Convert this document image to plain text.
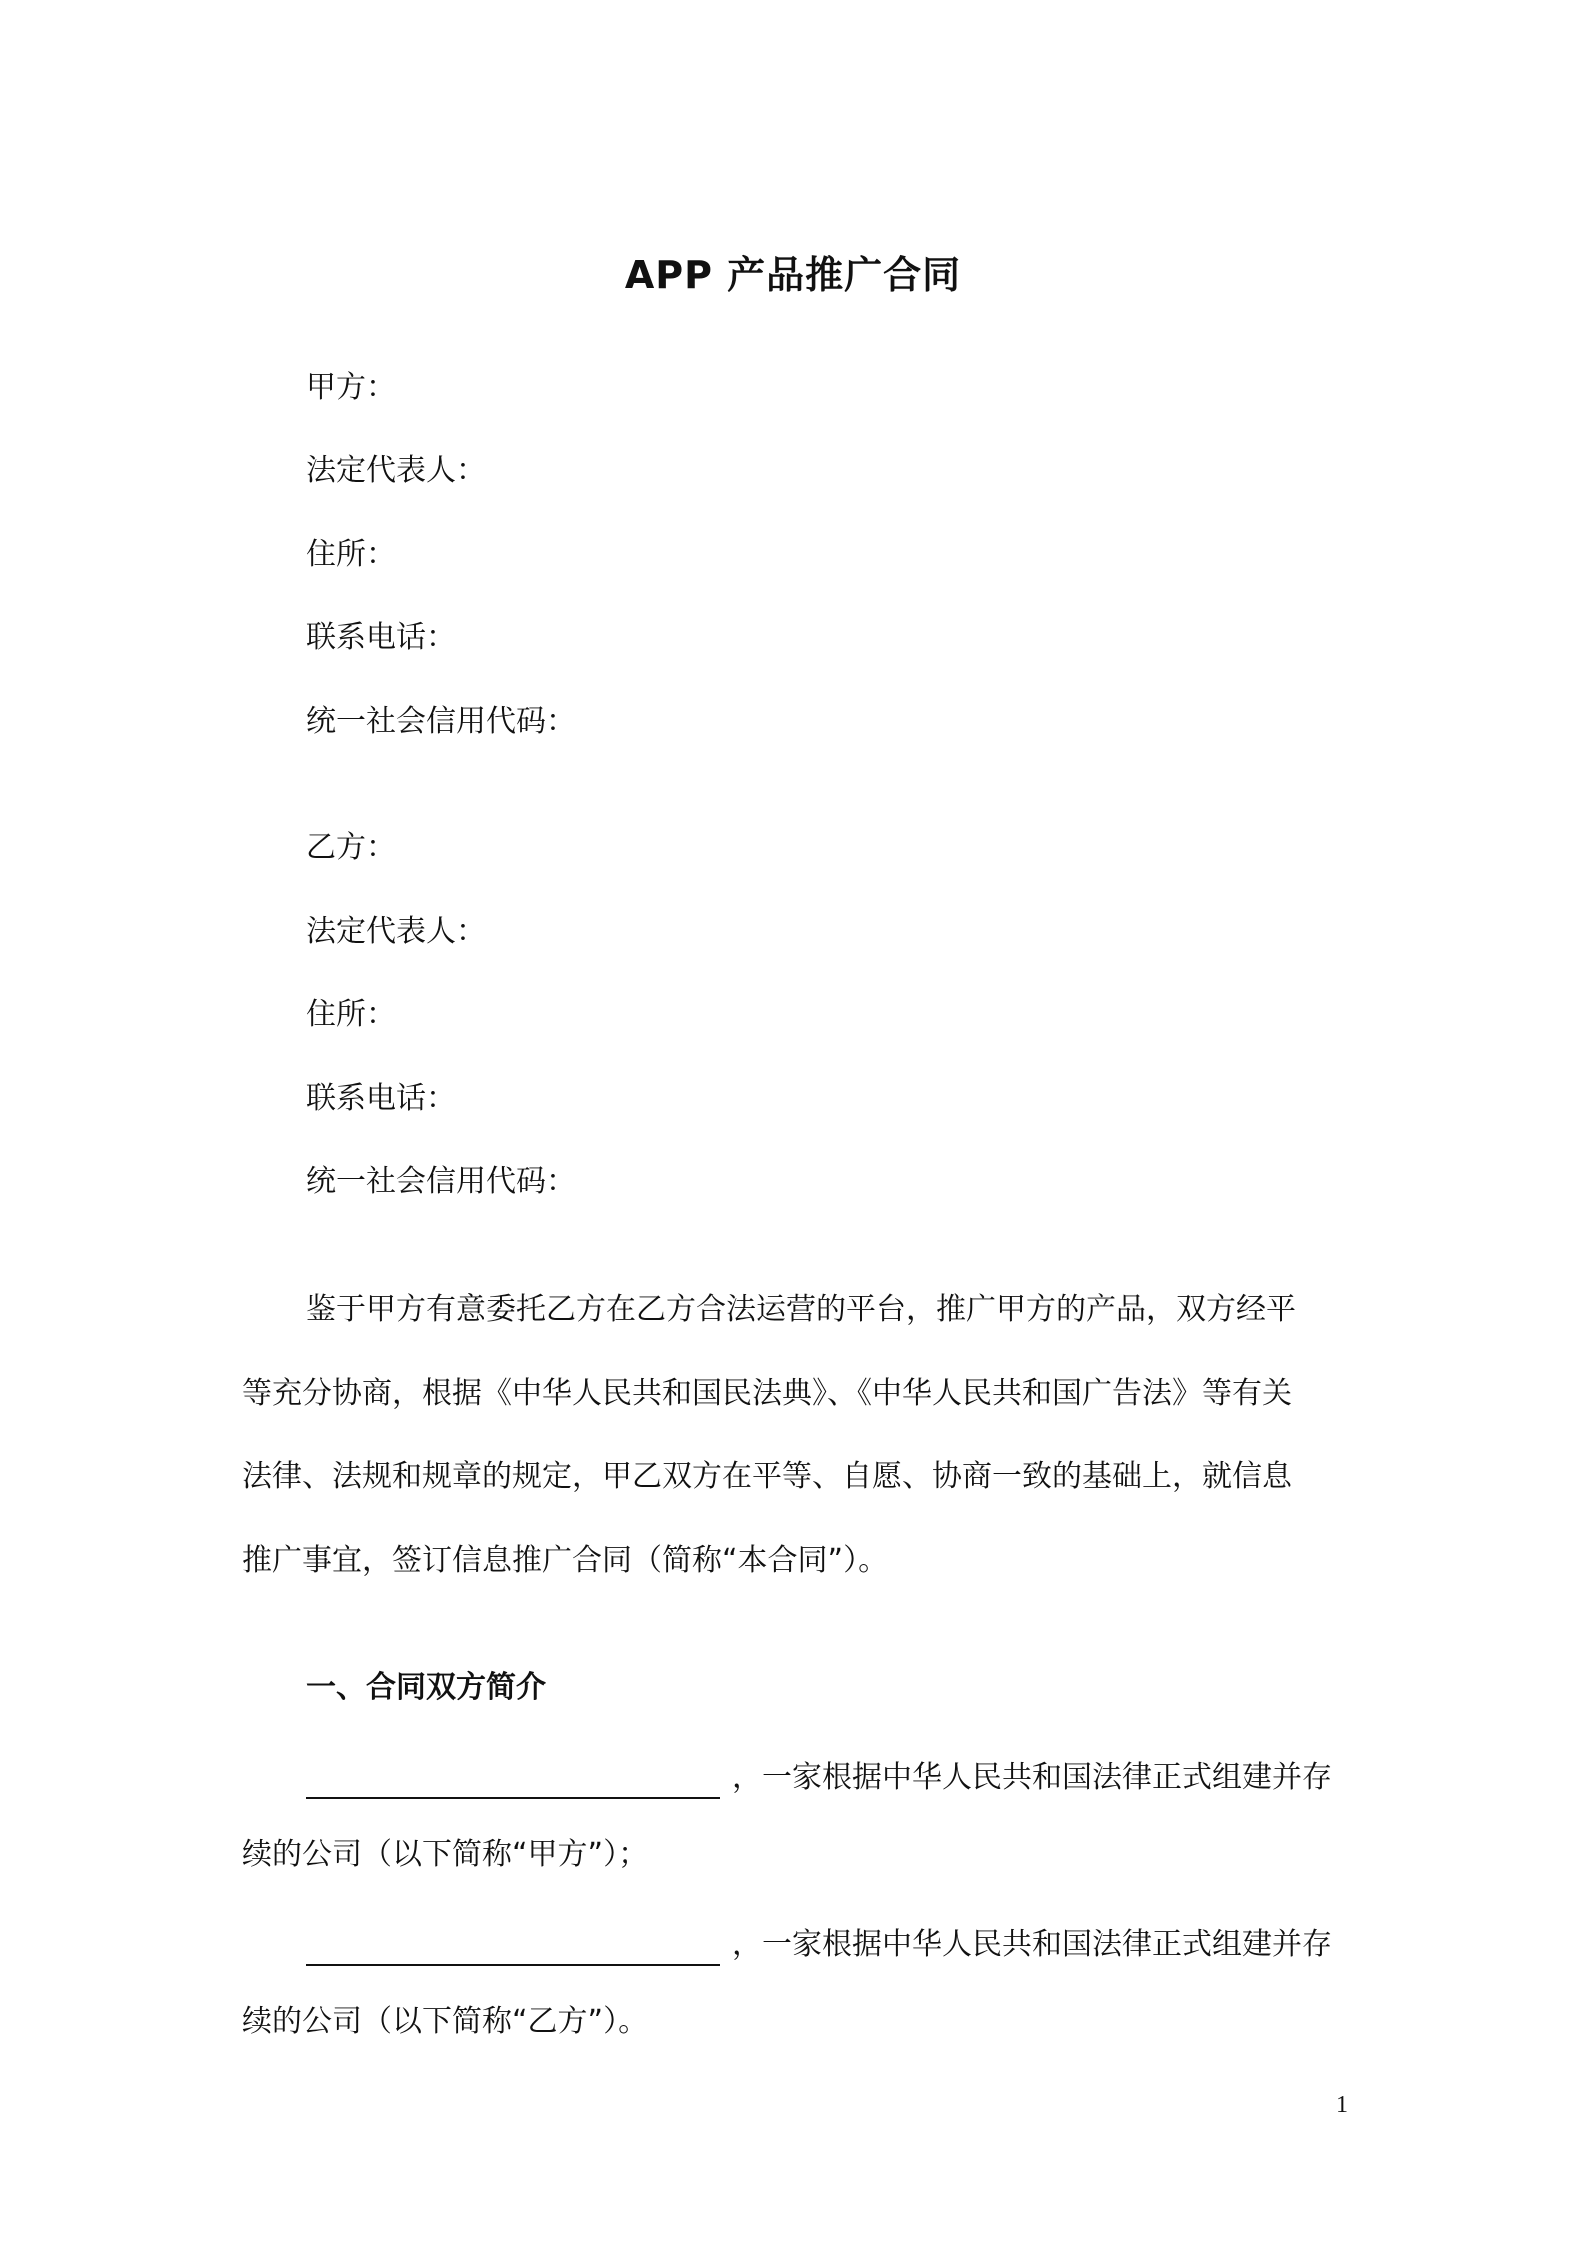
APP 产品推广合同
甲方：
法定代表人：
住所：
联系电话：
统一社会信用代码：
乙方：
法定代表人：
住所：
联系电话：
统一社会信用代码：
鉴于甲方有意委托乙方在乙方合法运营的平台，推广甲方的产品，双方经平
等充分协商，根据《中华人民共和国民法典》、《中华人民共和国广告法》等有关
法律、法规和规章的规定，甲乙双方在平等、自愿、协商一致的基础上，就信息
推广事宜，签订信息推广合同（简称“本合同”）。
一、合同双方简介
，一家根据中华人民共和国法律正式组建并存
续的公司（以下简称“甲方”）；
，一家根据中华人民共和国法律正式组建并存
续的公司（以下简称“乙方”）。
1
